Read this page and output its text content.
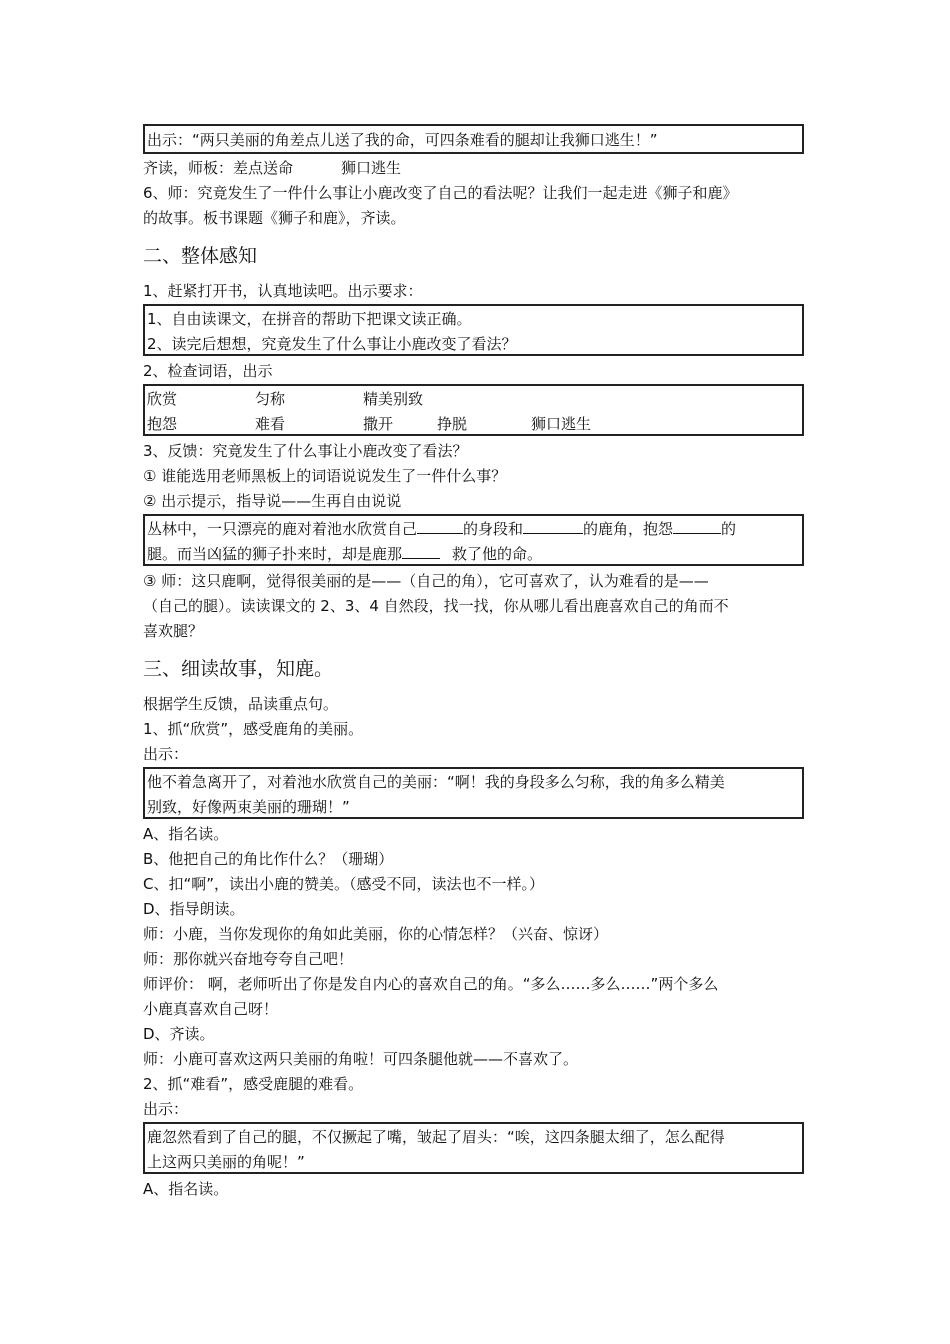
出示：“两只美丽的角差点儿送了我的命，可四条难看的腿却让我狮口逃生！”
齐读，师板：差点送命	狮口逃生
6、师：究竟发生了一件什么事让小鹿改变了自己的看法呢？让我们一起走进《狮子和鹿》
的故事。板书课题《狮子和鹿》，齐读。
二、整体感知
1、赶紧打开书，认真地读吧。出示要求：
1、自由读课文，在拼音的帮助下把课文读正确。
2、读完后想想，究竟发生了什么事让小鹿改变了看法？
2、检查词语，出示
欣赏	匀称	精美别致
抱怨	难看	撒开	挣脱	狮口逃生
3、反馈：究竟发生了什么事让小鹿改变了看法？
① 谁能选用老师黑板上的词语说说发生了一件什么事？
② 出示提示，指导说——生再自由说说
丛林中，一只漂亮的鹿对着池水欣赏自己	的身段和	的鹿角，抱怨	的
腿。而当凶猛的狮子扑来时，却是鹿那	救了他的命。
③ 师：这只鹿啊，觉得很美丽的是——（自己的角），它可喜欢了，认为难看的是——
（自己的腿）。读读课文的 2、3、4 自然段，找一找，你从哪儿看出鹿喜欢自己的角而不
喜欢腿？
三、细读故事，知鹿。
根据学生反馈，品读重点句。
1、抓“欣赏”，感受鹿角的美丽。
出示：
他不着急离开了，对着池水欣赏自己的美丽：“啊！我的身段多么匀称，我的角多么精美
别致，好像两束美丽的珊瑚！”
A、指名读。
B、他把自己的角比作什么？（珊瑚）
C、扣“啊”，读出小鹿的赞美。（感受不同，读法也不一样。）
D、指导朗读。
师：小鹿，当你发现你的角如此美丽，你的心情怎样？（兴奋、惊讶）
师：那你就兴奋地夸夸自己吧！
师评价： 啊，老师听出了你是发自内心的喜欢自己的角。“多么……多么……”两个多么
小鹿真喜欢自己呀！
D、齐读。
师：小鹿可喜欢这两只美丽的角啦！可四条腿他就——不喜欢了。
2、抓“难看”，感受鹿腿的难看。
出示：
鹿忽然看到了自己的腿，不仅撅起了嘴，皱起了眉头：“唉，这四条腿太细了，怎么配得
上这两只美丽的角呢！”
A、指名读。
